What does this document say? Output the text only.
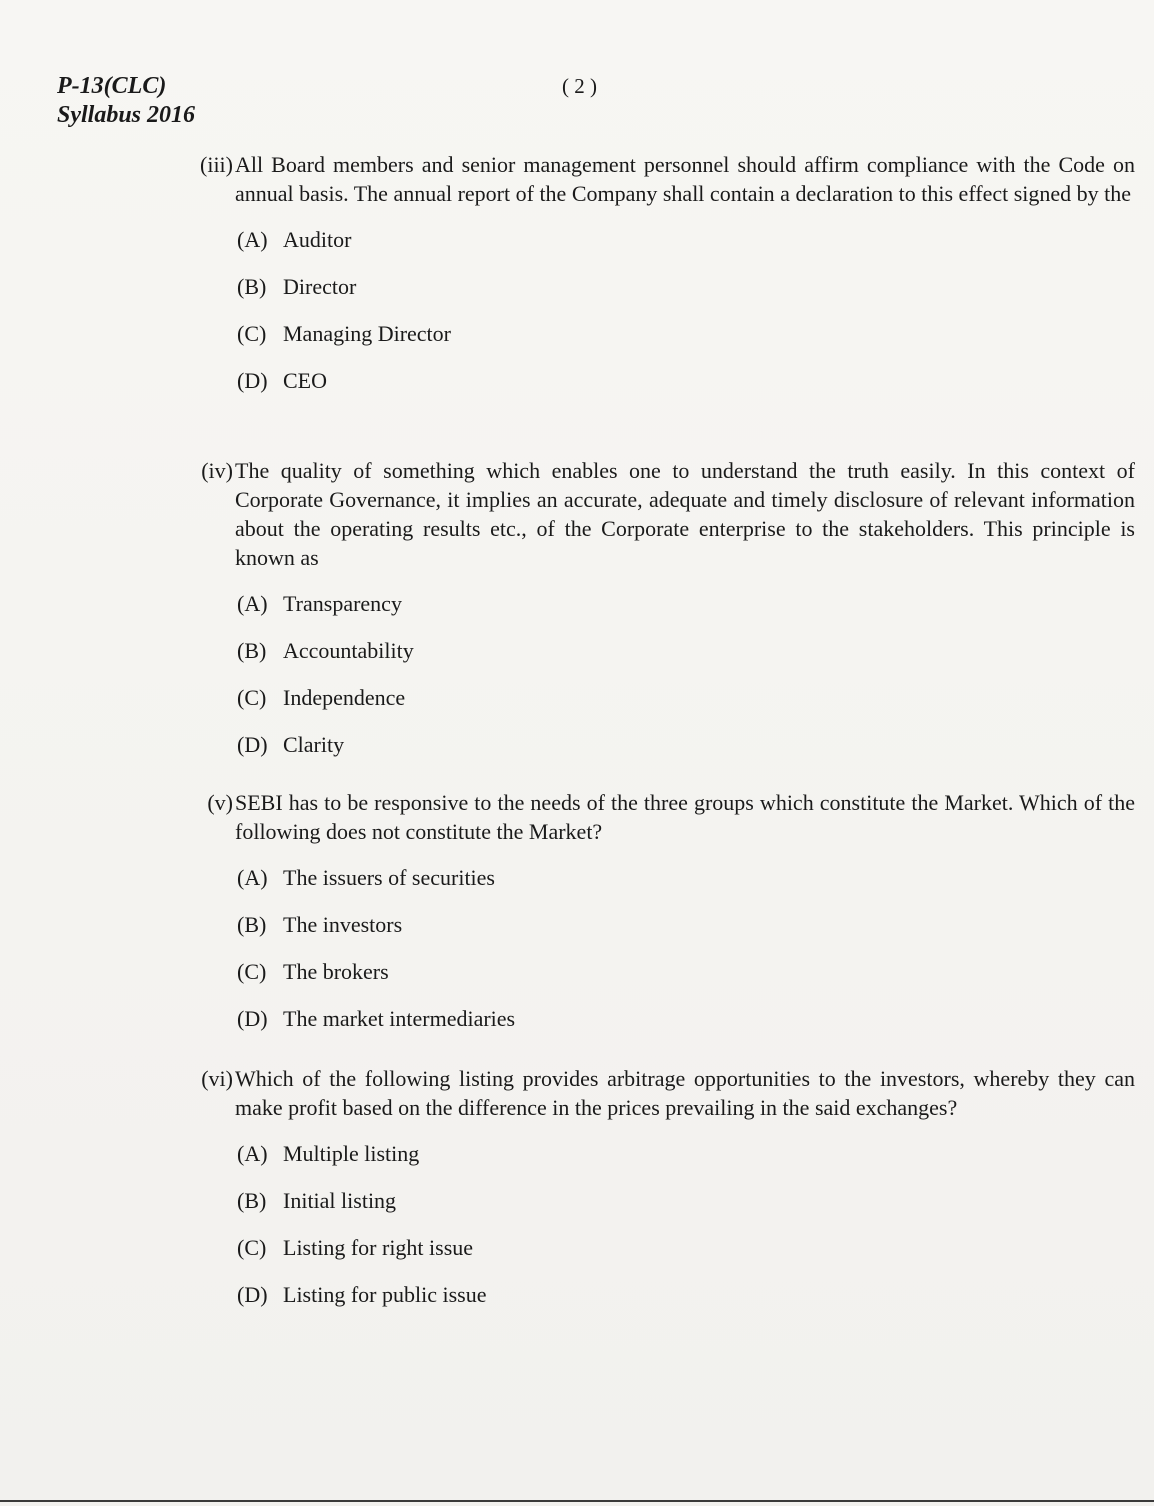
P-13(CLC)
Syllabus 2016
( 2 )
(iii) All Board members and senior management personnel should affirm compliance with the Code on annual basis. The annual report of the Company shall contain a declaration to this effect signed by the
(A) Auditor
(B) Director
(C) Managing Director
(D) CEO
(iv) The quality of something which enables one to understand the truth easily. In this context of Corporate Governance, it implies an accurate, adequate and timely disclosure of relevant information about the operating results etc., of the Corporate enterprise to the stakeholders. This principle is known as
(A) Transparency
(B) Accountability
(C) Independence
(D) Clarity
(v) SEBI has to be responsive to the needs of the three groups which constitute the Market. Which of the following does not constitute the Market?
(A) The issuers of securities
(B) The investors
(C) The brokers
(D) The market intermediaries
(vi) Which of the following listing provides arbitrage opportunities to the investors, whereby they can make profit based on the difference in the prices prevailing in the said exchanges?
(A) Multiple listing
(B) Initial listing
(C) Listing for right issue
(D) Listing for public issue
